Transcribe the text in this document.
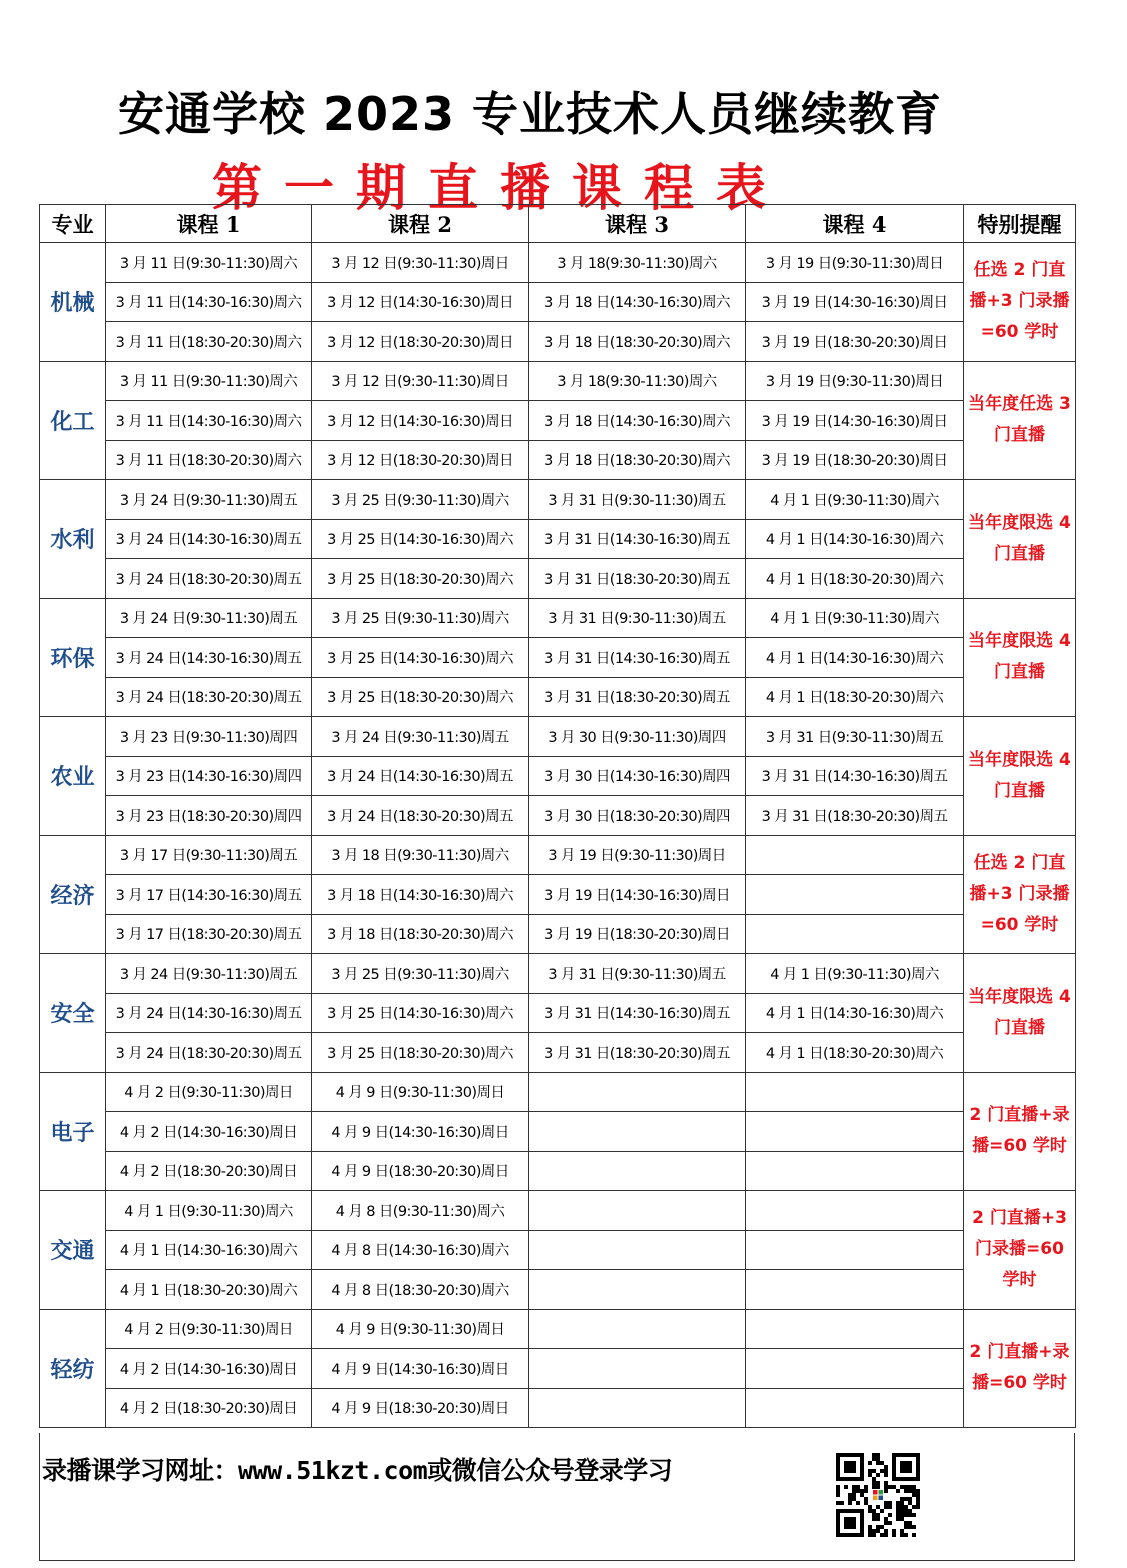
安通学校 2023 专业技术人员继续教育
第一期直播课程表
专业	课程 1	课程 2	课程 3	课程 4	特别提醒
机械	3 月 11 日(9:30-11:30)周六	3 月 12 日(9:30-11:30)周日	3 月 18(9:30-11:30)周六	3 月 19 日(9:30-11:30)周日	任选 2 门直播+3 门录播=60 学时
	3 月 11 日(14:30-16:30)周六	3 月 12 日(14:30-16:30)周日	3 月 18 日(14:30-16:30)周六	3 月 19 日(14:30-16:30)周日	
	3 月 11 日(18:30-20:30)周六	3 月 12 日(18:30-20:30)周日	3 月 18 日(18:30-20:30)周六	3 月 19 日(18:30-20:30)周日	
化工	3 月 11 日(9:30-11:30)周六	3 月 12 日(9:30-11:30)周日	3 月 18(9:30-11:30)周六	3 月 19 日(9:30-11:30)周日	当年度任选 3 门直播
	3 月 11 日(14:30-16:30)周六	3 月 12 日(14:30-16:30)周日	3 月 18 日(14:30-16:30)周六	3 月 19 日(14:30-16:30)周日	
	3 月 11 日(18:30-20:30)周六	3 月 12 日(18:30-20:30)周日	3 月 18 日(18:30-20:30)周六	3 月 19 日(18:30-20:30)周日	
水利	3 月 24 日(9:30-11:30)周五	3 月 25 日(9:30-11:30)周六	3 月 31 日(9:30-11:30)周五	4 月 1 日(9:30-11:30)周六	当年度限选 4 门直播
	3 月 24 日(14:30-16:30)周五	3 月 25 日(14:30-16:30)周六	3 月 31 日(14:30-16:30)周五	4 月 1 日(14:30-16:30)周六	
	3 月 24 日(18:30-20:30)周五	3 月 25 日(18:30-20:30)周六	3 月 31 日(18:30-20:30)周五	4 月 1 日(18:30-20:30)周六	
环保	3 月 24 日(9:30-11:30)周五	3 月 25 日(9:30-11:30)周六	3 月 31 日(9:30-11:30)周五	4 月 1 日(9:30-11:30)周六	当年度限选 4 门直播
	3 月 24 日(14:30-16:30)周五	3 月 25 日(14:30-16:30)周六	3 月 31 日(14:30-16:30)周五	4 月 1 日(14:30-16:30)周六	
	3 月 24 日(18:30-20:30)周五	3 月 25 日(18:30-20:30)周六	3 月 31 日(18:30-20:30)周五	4 月 1 日(18:30-20:30)周六	
农业	3 月 23 日(9:30-11:30)周四	3 月 24 日(9:30-11:30)周五	3 月 30 日(9:30-11:30)周四	3 月 31 日(9:30-11:30)周五	当年度限选 4 门直播
	3 月 23 日(14:30-16:30)周四	3 月 24 日(14:30-16:30)周五	3 月 30 日(14:30-16:30)周四	3 月 31 日(14:30-16:30)周五	
	3 月 23 日(18:30-20:30)周四	3 月 24 日(18:30-20:30)周五	3 月 30 日(18:30-20:30)周四	3 月 31 日(18:30-20:30)周五	
经济	3 月 17 日(9:30-11:30)周五	3 月 18 日(9:30-11:30)周六	3 月 19 日(9:30-11:30)周日		任选 2 门直播+3 门录播=60 学时
	3 月 17 日(14:30-16:30)周五	3 月 18 日(14:30-16:30)周六	3 月 19 日(14:30-16:30)周日		
	3 月 17 日(18:30-20:30)周五	3 月 18 日(18:30-20:30)周六	3 月 19 日(18:30-20:30)周日		
安全	3 月 24 日(9:30-11:30)周五	3 月 25 日(9:30-11:30)周六	3 月 31 日(9:30-11:30)周五	4 月 1 日(9:30-11:30)周六	当年度限选 4 门直播
	3 月 24 日(14:30-16:30)周五	3 月 25 日(14:30-16:30)周六	3 月 31 日(14:30-16:30)周五	4 月 1 日(14:30-16:30)周六	
	3 月 24 日(18:30-20:30)周五	3 月 25 日(18:30-20:30)周六	3 月 31 日(18:30-20:30)周五	4 月 1 日(18:30-20:30)周六	
电子	4 月 2 日(9:30-11:30)周日	4 月 9 日(9:30-11:30)周日			2 门直播+录播=60 学时
	4 月 2 日(14:30-16:30)周日	4 月 9 日(14:30-16:30)周日			
	4 月 2 日(18:30-20:30)周日	4 月 9 日(18:30-20:30)周日			
交通	4 月 1 日(9:30-11:30)周六	4 月 8 日(9:30-11:30)周六			2 门直播+3 门录播=60 学时
	4 月 1 日(14:30-16:30)周六	4 月 8 日(14:30-16:30)周六			
	4 月 1 日(18:30-20:30)周六	4 月 8 日(18:30-20:30)周六			
轻纺	4 月 2 日(9:30-11:30)周日	4 月 9 日(9:30-11:30)周日			2 门直播+录播=60 学时
	4 月 2 日(14:30-16:30)周日	4 月 9 日(14:30-16:30)周日			
	4 月 2 日(18:30-20:30)周日	4 月 9 日(18:30-20:30)周日			
录播课学习网址：www.51kzt.com或微信公众号登录学习
